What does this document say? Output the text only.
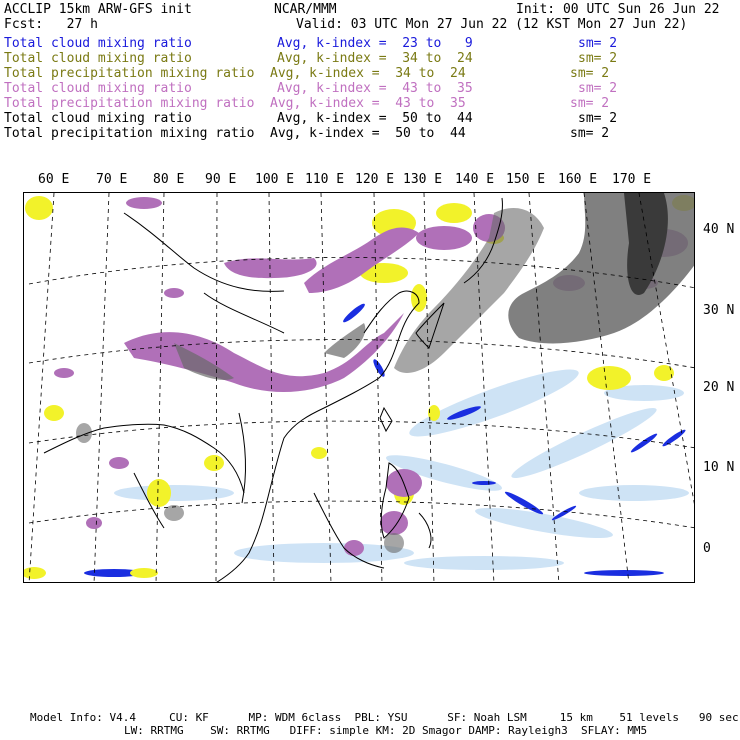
ACCLIP 15km ARW-GFS init	NCAR/MMM	Init: 00 UTC Sun 26 Jun 22
Fcst:   27 h	Valid: 03 UTC Mon 27 Jun 22 (12 KST Mon 27 Jun 22)
Total cloud mixing ratio	Avg, k-index =  23 to   9	sm= 2
Total cloud mixing ratio	Avg, k-index =  34 to  24	sm= 2
Total precipitation mixing ratio Avg, k-index =  34 to  24	sm= 2
Total cloud mixing ratio	Avg, k-index =  43 to  35	sm= 2
Total precipitation mixing ratio Avg, k-index =  43 to  35	sm= 2
Total cloud mixing ratio	Avg, k-index =  50 to  44	sm= 2
Total precipitation mixing ratio Avg, k-index =  50 to  44	sm= 2
60 E 70 E 80 E 90 E 100 E 110 E 120 E 130 E 140 E 150 E 160 E 170 E
40 N
30 N
20 N
10 N
0
Model Info: V4.4     CU: KF      MP: WDM 6class  PBL: YSU      SF: Noah LSM     15 km    51 levels   90 sec
LW: RRTMG    SW: RRTMG   DIFF: simple KM: 2D Smagor DAMP: Rayleigh3  SFLAY: MM5
